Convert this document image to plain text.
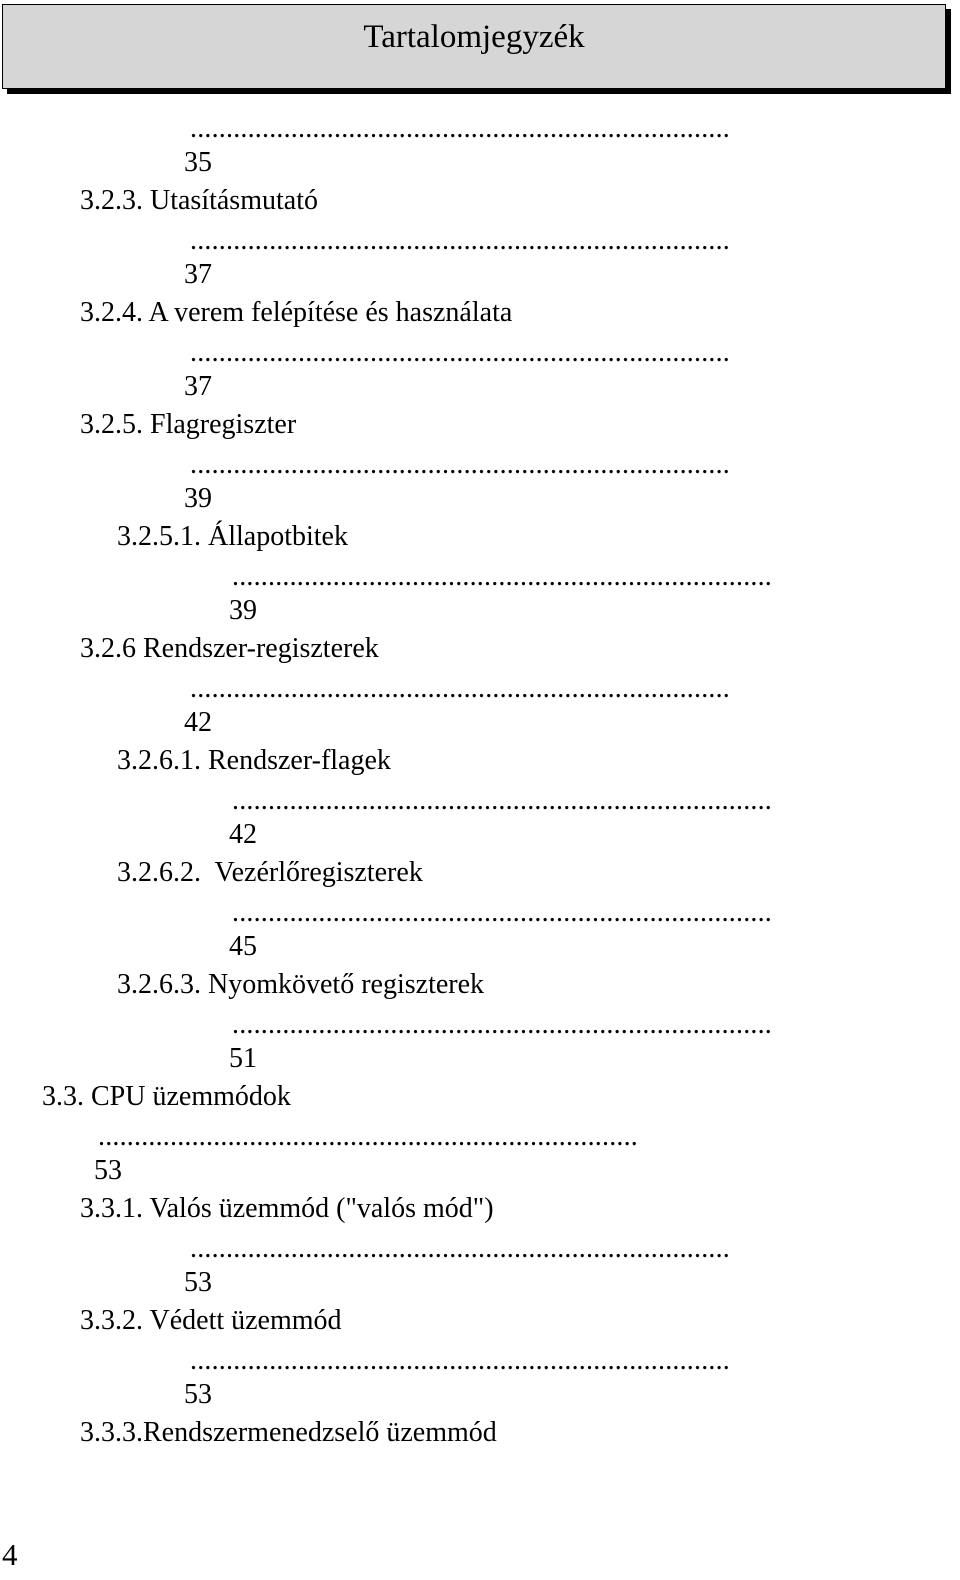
Tartalomjegyzék
...........................................................................
35
3.2.3. Utasításmutató
...........................................................................
37
3.2.4. A verem felépítése és használata
...........................................................................
37
3.2.5. Flagregiszter
...........................................................................
39
3.2.5.1. Állapotbitek
...........................................................................
39
3.2.6 Rendszer-regiszterek
...........................................................................
42
3.2.6.1. Rendszer-flagek
...........................................................................
42
3.2.6.2.  Vezérlőregiszterek
...........................................................................
45
3.2.6.3. Nyomkövető regiszterek
...........................................................................
51
3.3. CPU üzemmódok
...........................................................................
53
3.3.1. Valós üzemmód ("valós mód")
...........................................................................
53
3.3.2. Védett üzemmód
...........................................................................
53
3.3.3.Rendszermenedzselő üzemmód
4
